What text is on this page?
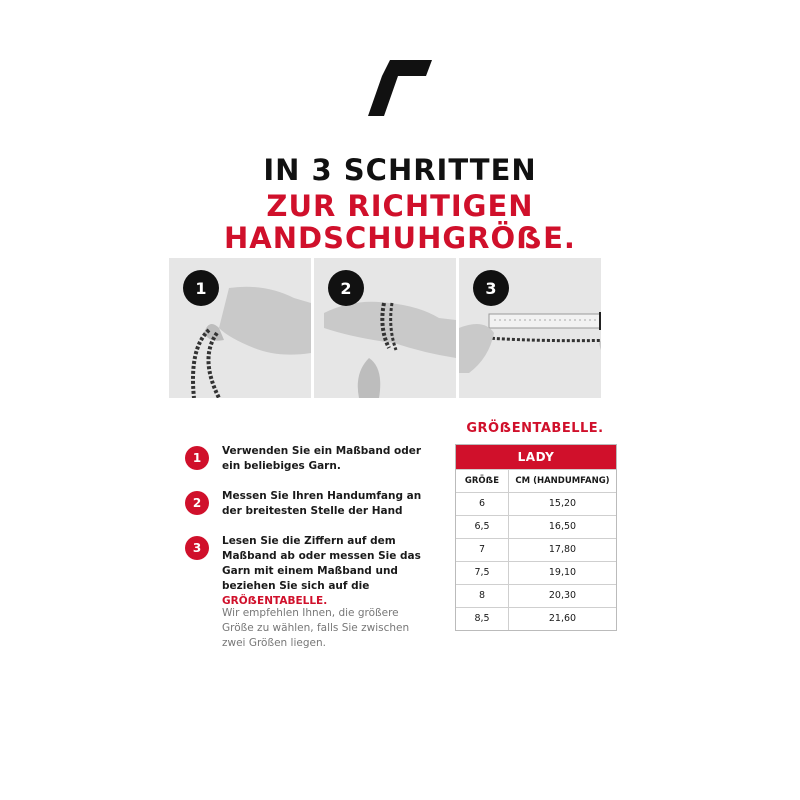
IN 3 SCHRITTEN
ZUR RICHTIGEN
HANDSCHUHGRÖẞE.
1	2	3
1	Verwenden Sie ein Maßband oder ein beliebiges Garn.
2	Messen Sie Ihren Handumfang an der breitesten Stelle der Hand
3	Lesen Sie die Ziffern auf dem Maßband ab oder messen Sie das Garn mit einem Maßband und beziehen Sie sich auf die GRÖẞENTABELLE.
Wir empfehlen Ihnen, die größere Größe zu wählen, falls Sie zwischen zwei Größen liegen.
GRÖẞENTABELLE.
LADY
GRÖẞE	CM (HANDUMFANG)
6	15,20
6,5	16,50
7	17,80
7,5	19,10
8	20,30
8,5	21,60
